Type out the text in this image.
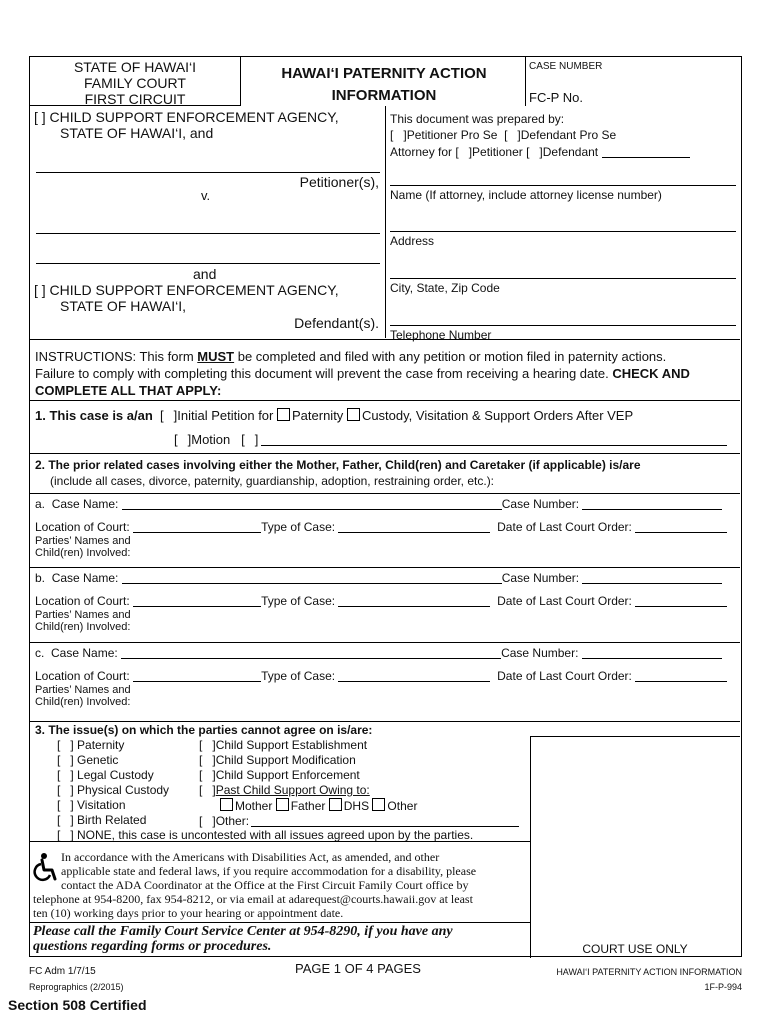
STATE OF HAWAI‘I
FAMILY COURT
FIRST CIRCUIT
HAWAI‘I PATERNITY ACTION
INFORMATION
CASE NUMBER
FC-P No.
[ ] CHILD SUPPORT ENFORCEMENT AGENCY,
STATE OF HAWAI‘I, and
Petitioner(s),
v.
and
[ ] CHILD SUPPORT ENFORCEMENT AGENCY,
STATE OF HAWAI‘I,
Defendant(s).
This document was prepared by:
[ ]Petitioner Pro Se  [ ]Defendant Pro Se
Attorney for [ ]Petitioner [ ]Defendant
Name (If attorney, include attorney license number)
Address
City, State, Zip Code
Telephone Number
INSTRUCTIONS: This form MUST be completed and filed with any petition or motion filed in paternity actions.
Failure to comply with completing this document will prevent the case from receiving a hearing date. CHECK AND
COMPLETE ALL THAT APPLY:
1. This case is a/an  [ ]Initial Petition for Paternity Custody, Visitation & Support Orders After VEP
[ ]Motion   [ ]
2. The prior related cases involving either the Mother, Father, Child(ren) and Caretaker (if applicable) is/are
(include all cases, divorce, paternity, guardianship, adoption, restraining order, etc.):
a. Case Name:	Case Number:
Location of Court:	Type of Case:	Date of Last Court Order:
Parties’ Names and
Child(ren) Involved:
b. Case Name:	Case Number:
Location of Court:	Type of Case:	Date of Last Court Order:
Parties’ Names and
Child(ren) Involved:
c. Case Name:	Case Number:
Location of Court:	Type of Case:	Date of Last Court Order:
Parties’ Names and
Child(ren) Involved:
3. The issue(s) on which the parties cannot agree on is/are:
[ ] Paternity
[ ] Genetic
[ ] Legal Custody
[ ] Physical Custody
[ ] Visitation
[ ] Birth Related
[ ] NONE, this case is uncontested with all issues agreed upon by the parties.
[ ]Child Support Establishment
[ ]Child Support Modification
[ ]Child Support Enforcement
[ ]Past Child Support Owing to:
Mother Father DHS Other
[ ]Other:
COURT USE ONLY
In accordance with the Americans with Disabilities Act, as amended, and other
applicable state and federal laws, if you require accommodation for a disability, please
contact the ADA Coordinator at the Office at the First Circuit Family Court office by
telephone at 954-8200, fax 954-8212, or via email at adarequest@courts.hawaii.gov at least
ten (10) working days prior to your hearing or appointment date.
Please call the Family Court Service Center at 954-8290, if you have any
questions regarding forms or procedures.
FC Adm 1/7/15
Reprographics (2/2015)
PAGE 1 OF 4 PAGES	HAWAI‘I PATERNITY ACTION INFORMATION
1F-P-994
Section 508 Certified
